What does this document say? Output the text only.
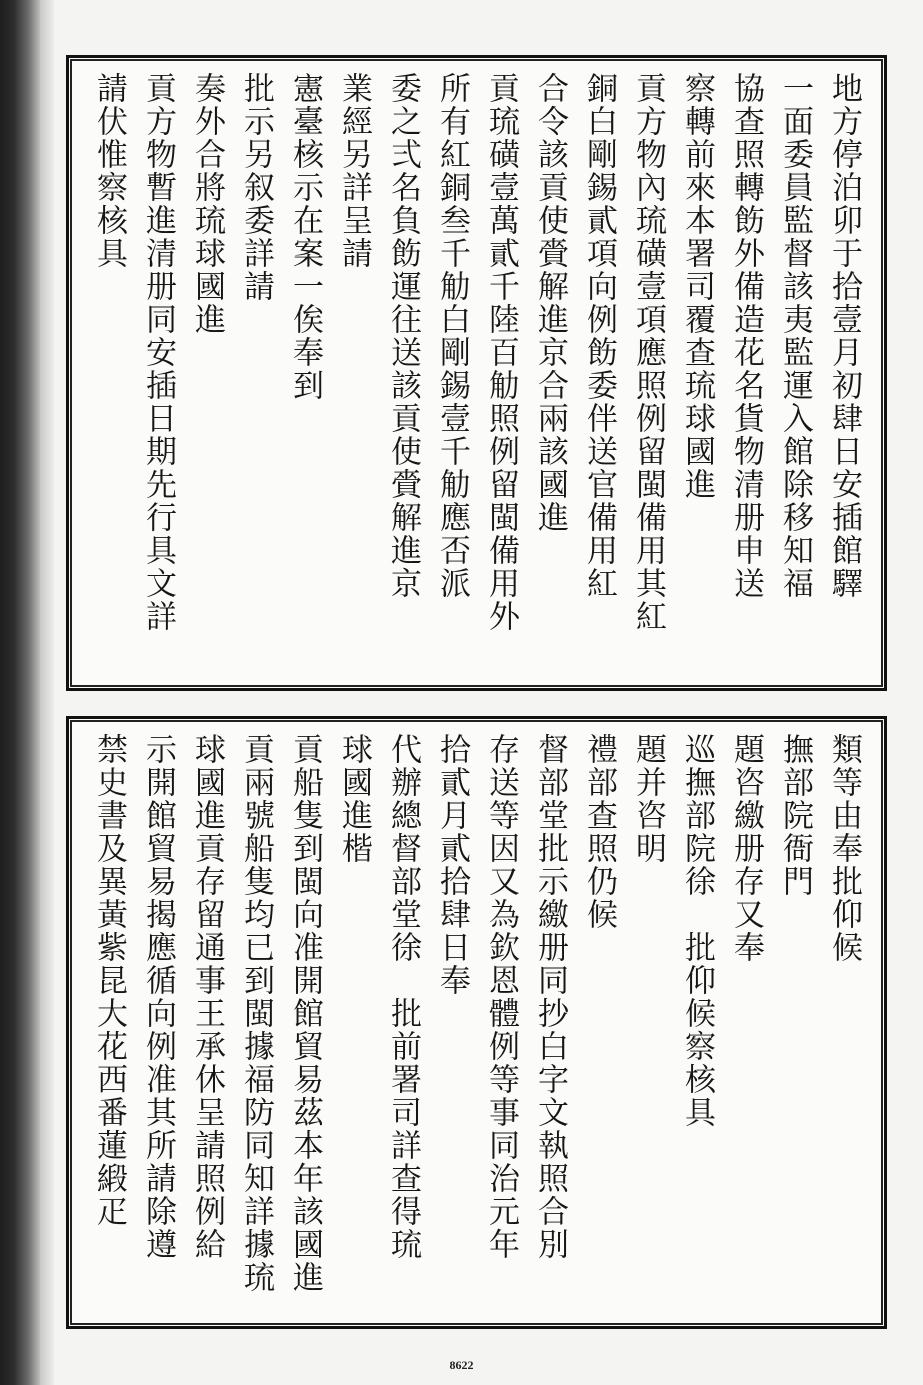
地方停泊卯于拾壹月初肆日安插館驛
一面委員監督該夷監運入館除移知福
協查照轉飭外備造花名貨物清册申送
察轉前來本署司覆查琉球國進
貢方物內琉磺壹項應照例留閩備用其紅
銅白剛錫貳項向例飭委伴送官備用紅
合令該貢使賫解進京合兩該國進
貢琉磺壹萬貳千陸百觔照例留閩備用外
所有紅銅叁千觔白剛錫壹千觔應否派
委之弍名負飭運往送該貢使賫解進京
業經另詳呈請
憲臺核示在案一俟奉到
批示另叙委詳請
奏外合將琉球國進
貢方物暫進清册同安插日期先行具文詳
請伏惟察核具
類等由奉批仰候
撫部院衙門
題咨繳册存又奉
巡撫部院徐　批仰候察核具
題并咨明
禮部查照仍候
督部堂批示繳册同抄白字文執照合別
存送等因又為欽恩體例等事同治元年
拾貳月貳拾肆日奉
代辦總督部堂徐　批前署司詳查得琉
球國進楷
貢船隻到閩向准開館貿易茲本年該國進
貢兩號船隻均已到閩據福防同知詳據琉
球國進貢存留通事王承休呈請照例給
示開館貿易揭應循向例准其所請除遵
禁史書及異黃紫昆大花西番蓮緞疋
8622
